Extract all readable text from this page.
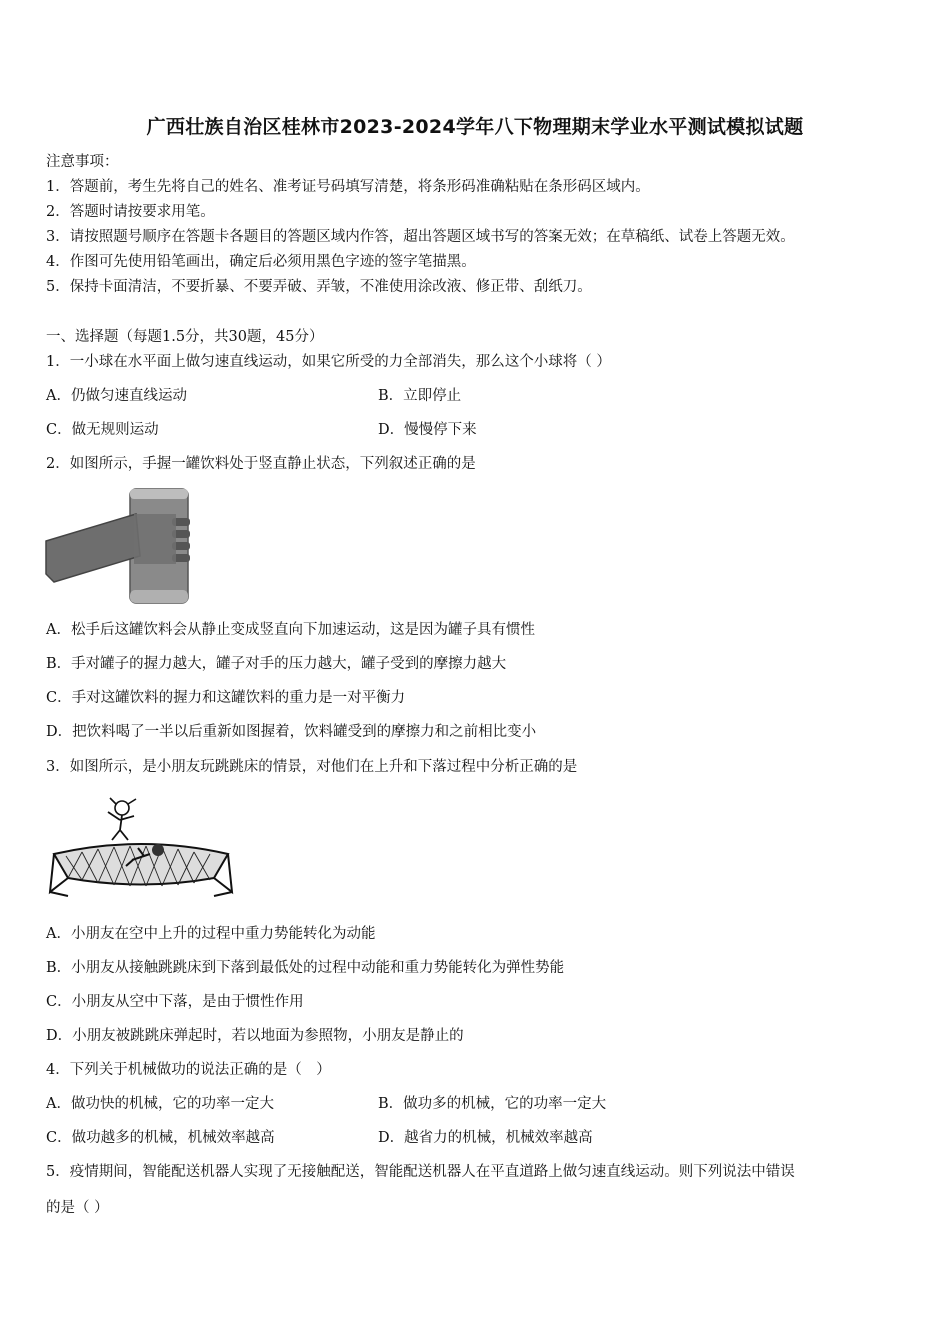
广西壮族自治区桂林市2023-2024学年八下物理期末学业水平测试模拟试题
注意事项：
1．答题前，考生先将自己的姓名、准考证号码填写清楚，将条形码准确粘贴在条形码区域内。
2．答题时请按要求用笔。
3．请按照题号顺序在答题卡各题目的答题区域内作答，超出答题区域书写的答案无效；在草稿纸、试卷上答题无效。
4．作图可先使用铅笔画出，确定后必须用黑色字迹的签字笔描黑。
5．保持卡面清洁，不要折暴、不要弄破、弄皱，不准使用涂改液、修正带、刮纸刀。
一、选择题（每题1.5分，共30题，45分）
1．一小球在水平面上做匀速直线运动，如果它所受的力全部消失，那么这个小球将（ ）
A．仍做匀速直线运动	B．立即停止
C．做无规则运动	D．慢慢停下来
2．如图所示，手握一罐饮料处于竖直静止状态，下列叙述正确的是
A．松手后这罐饮料会从静止变成竖直向下加速运动，这是因为罐子具有惯性
B．手对罐子的握力越大，罐子对手的压力越大，罐子受到的摩擦力越大
C．手对这罐饮料的握力和这罐饮料的重力是一对平衡力
D．把饮料喝了一半以后重新如图握着，饮料罐受到的摩擦力和之前相比变小
3．如图所示，是小朋友玩跳跳床的情景，对他们在上升和下落过程中分析正确的是
A．小朋友在空中上升的过程中重力势能转化为动能
B．小朋友从接触跳跳床到下落到最低处的过程中动能和重力势能转化为弹性势能
C．小朋友从空中下落，是由于惯性作用
D．小朋友被跳跳床弹起时，若以地面为参照物，小朋友是静止的
4．下列关于机械做功的说法正确的是（　）
A．做功快的机械，它的功率一定大	B．做功多的机械，它的功率一定大
C．做功越多的机械，机械效率越高	D．越省力的机械，机械效率越高
5．疫情期间，智能配送机器人实现了无接触配送，智能配送机器人在平直道路上做匀速直线运动。则下列说法中错误
的是（ ）
